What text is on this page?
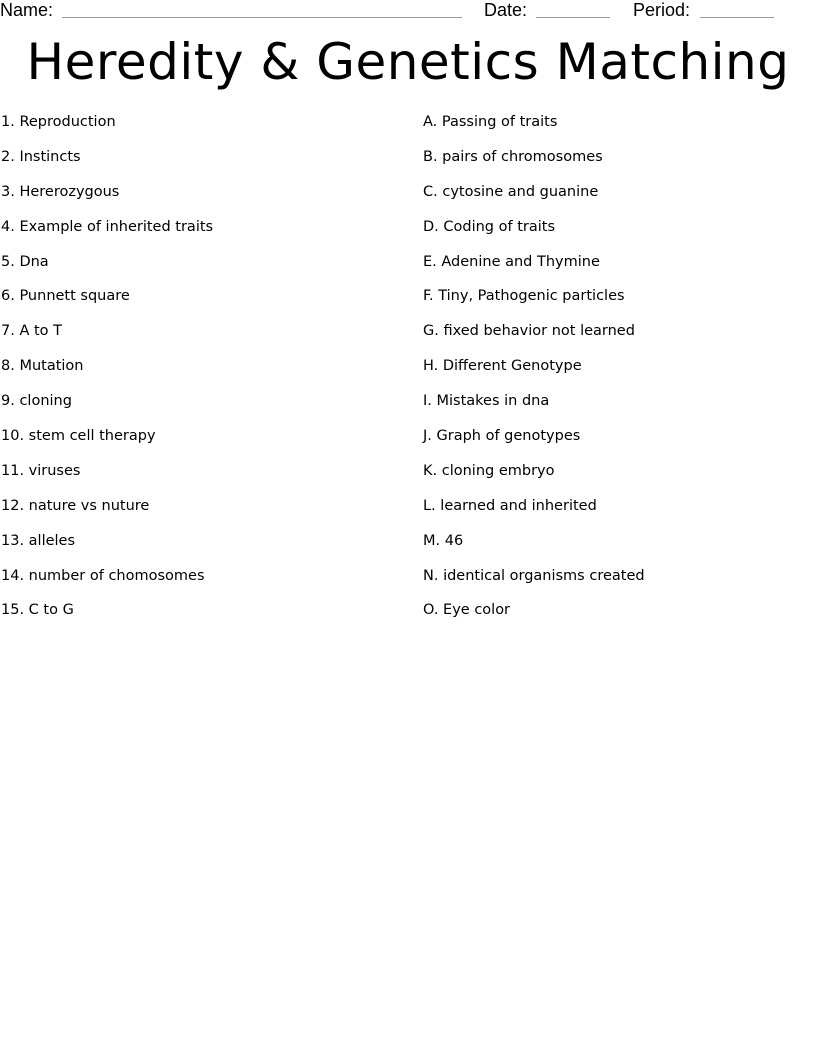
Name:	Date:	Period:
Heredity & Genetics Matching
1. Reproduction
2. Instincts
3. Hererozygous
4. Example of inherited traits
5. Dna
6. Punnett square
7. A to T
8. Mutation
9. cloning
10. stem cell therapy
11. viruses
12. nature vs nuture
13. alleles
14. number of chomosomes
15. C to G
A. Passing of traits
B. pairs of chromosomes
C. cytosine and guanine
D. Coding of traits
E. Adenine and Thymine
F. Tiny, Pathogenic particles
G. fixed behavior not learned
H. Different Genotype
I. Mistakes in dna
J. Graph of genotypes
K. cloning embryo
L. learned and inherited
M. 46
N. identical organisms created
O. Eye color
